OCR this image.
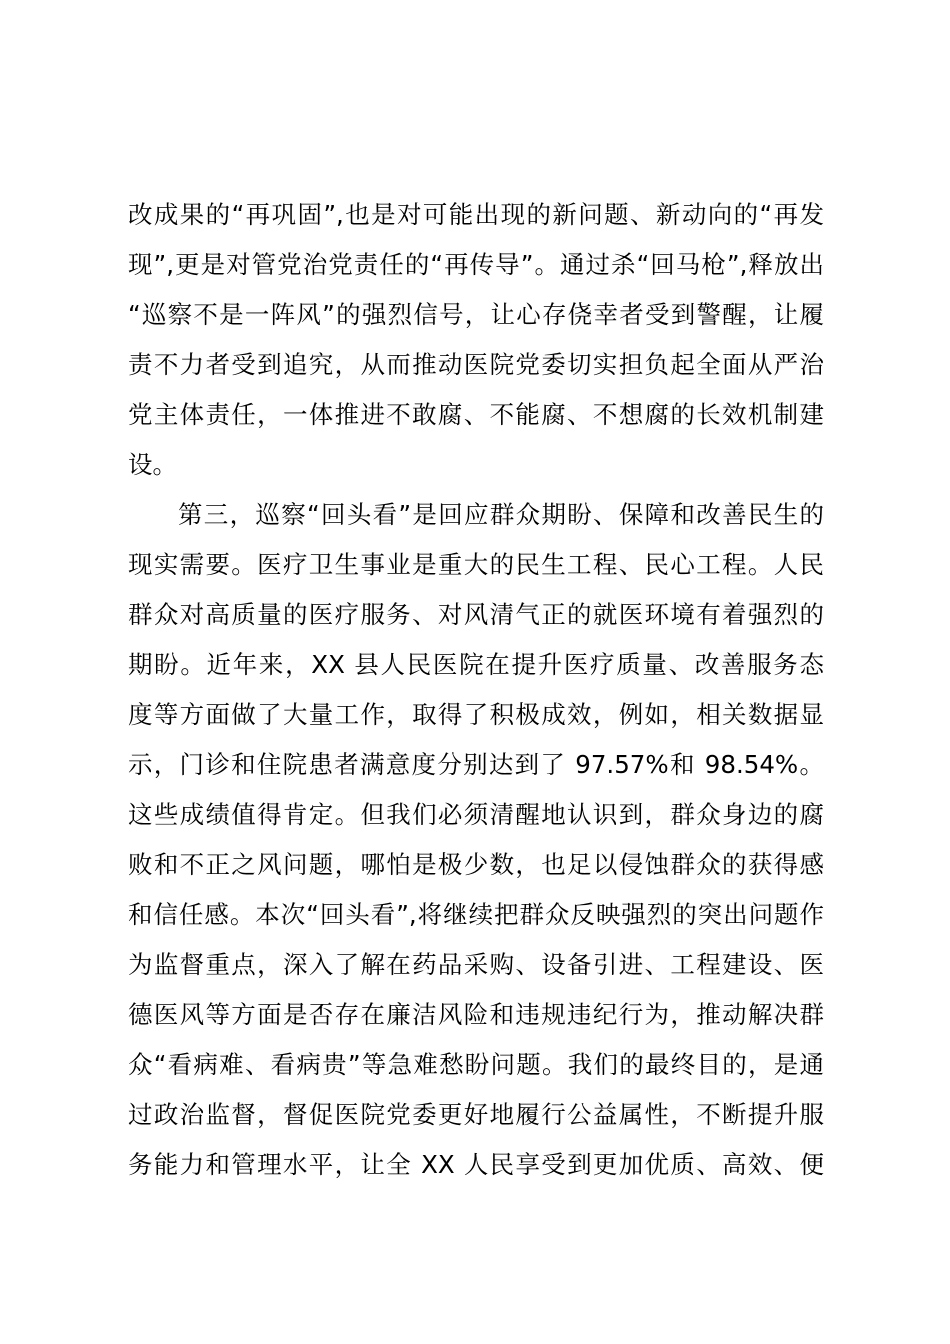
改成果的“再巩固”,也是对可能出现的新问题、新动向的“再发
现”,更是对管党治党责任的“再传导”。通过杀“回马枪”,释放出
“巡察不是一阵风”的强烈信号，让心存侥幸者受到警醒，让履
责不力者受到追究，从而推动医院党委切实担负起全面从严治
党主体责任，一体推进不敢腐、不能腐、不想腐的长效机制建
设。
第三，巡察“回头看”是回应群众期盼、保障和改善民生的
现实需要。医疗卫生事业是重大的民生工程、民心工程。人民
群众对高质量的医疗服务、对风清气正的就医环境有着强烈的
期盼。近年来，XX 县人民医院在提升医疗质量、改善服务态
度等方面做了大量工作，取得了积极成效，例如，相关数据显
示，门诊和住院患者满意度分别达到了 97.57%和 98.54%。
这些成绩值得肯定。但我们必须清醒地认识到，群众身边的腐
败和不正之风问题，哪怕是极少数，也足以侵蚀群众的获得感
和信任感。本次“回头看”,将继续把群众反映强烈的突出问题作
为监督重点，深入了解在药品采购、设备引进、工程建设、医
德医风等方面是否存在廉洁风险和违规违纪行为，推动解决群
众“看病难、看病贵”等急难愁盼问题。我们的最终目的，是通
过政治监督，督促医院党委更好地履行公益属性，不断提升服
务能力和管理水平，让全 XX 人民享受到更加优质、高效、便
